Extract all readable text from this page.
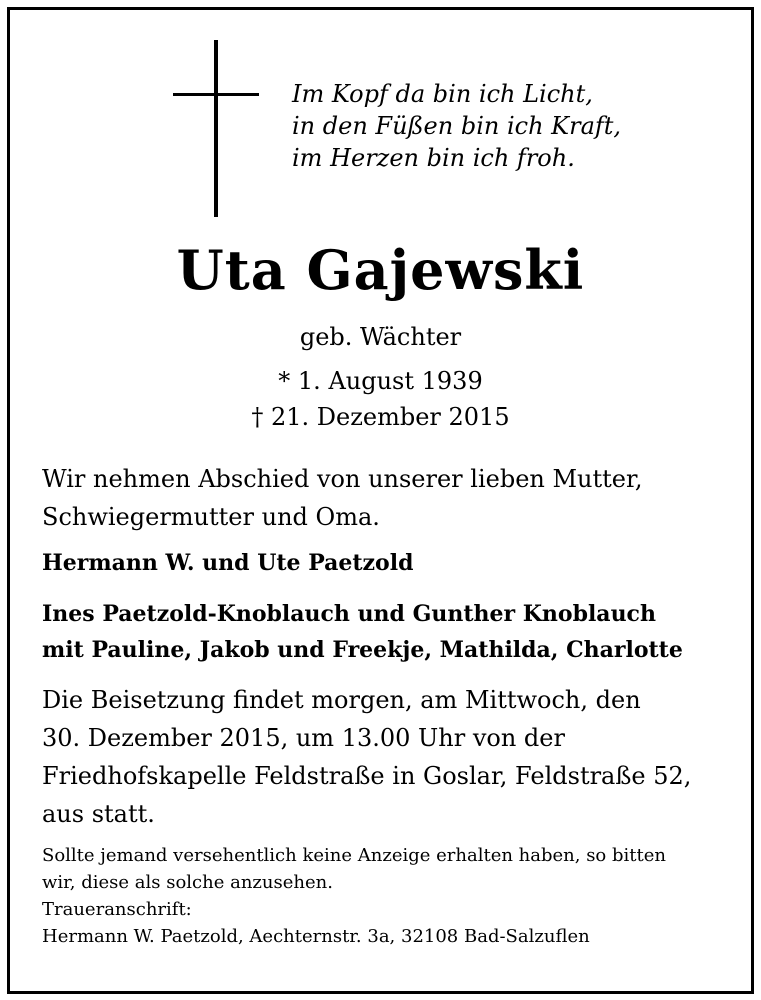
Im Kopf da bin ich Licht,
in den Füßen bin ich Kraft,
im Herzen bin ich froh.
Uta Gajewski
geb. Wächter
* 1. August 1939
† 21. Dezember 2015
Wir nehmen Abschied von unserer lieben Mutter,
Schwiegermutter und Oma.
Hermann W. und Ute Paetzold
Ines Paetzold-Knoblauch und Gunther Knoblauch
mit Pauline, Jakob und Freekje, Mathilda, Charlotte
Die Beisetzung findet morgen, am Mittwoch, den
30. Dezember 2015, um 13.00 Uhr von der
Friedhofskapelle Feldstraße in Goslar, Feldstraße 52,
aus statt.
Sollte jemand versehentlich keine Anzeige erhalten haben, so bitten
wir, diese als solche anzusehen.
Traueranschrift:
Hermann W. Paetzold, Aechternstr. 3a, 32108 Bad-Salzuflen
